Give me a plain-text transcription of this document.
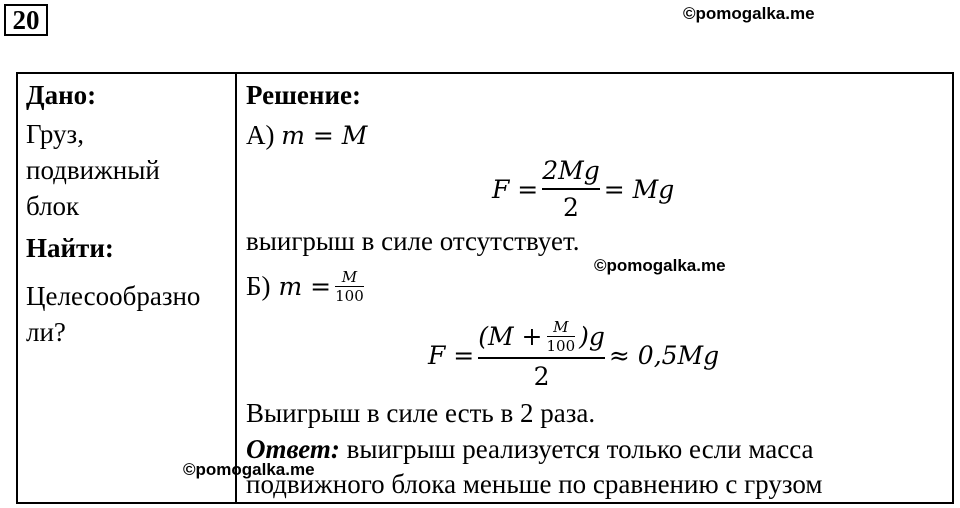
20	©pomogalka.me
Дано:
Груз,
подвижный
блок
Найти:
Целесообразно
ли?
Решение:
А) m = M
$F = \frac{2Mg}{2} = Mg$
выигрыш в силе отсутствует.
©pomogalka.me
Б) $m = \frac{M}{100}$
$F = \frac{(M + \frac{M}{100} )g}{2} \approx 0,5Mg$
Выигрыш в силе есть в 2 раза.
Ответ: выигрыш реализуется только если масса
подвижного блока меньше по сравнению с грузом
©pomogalka.me
